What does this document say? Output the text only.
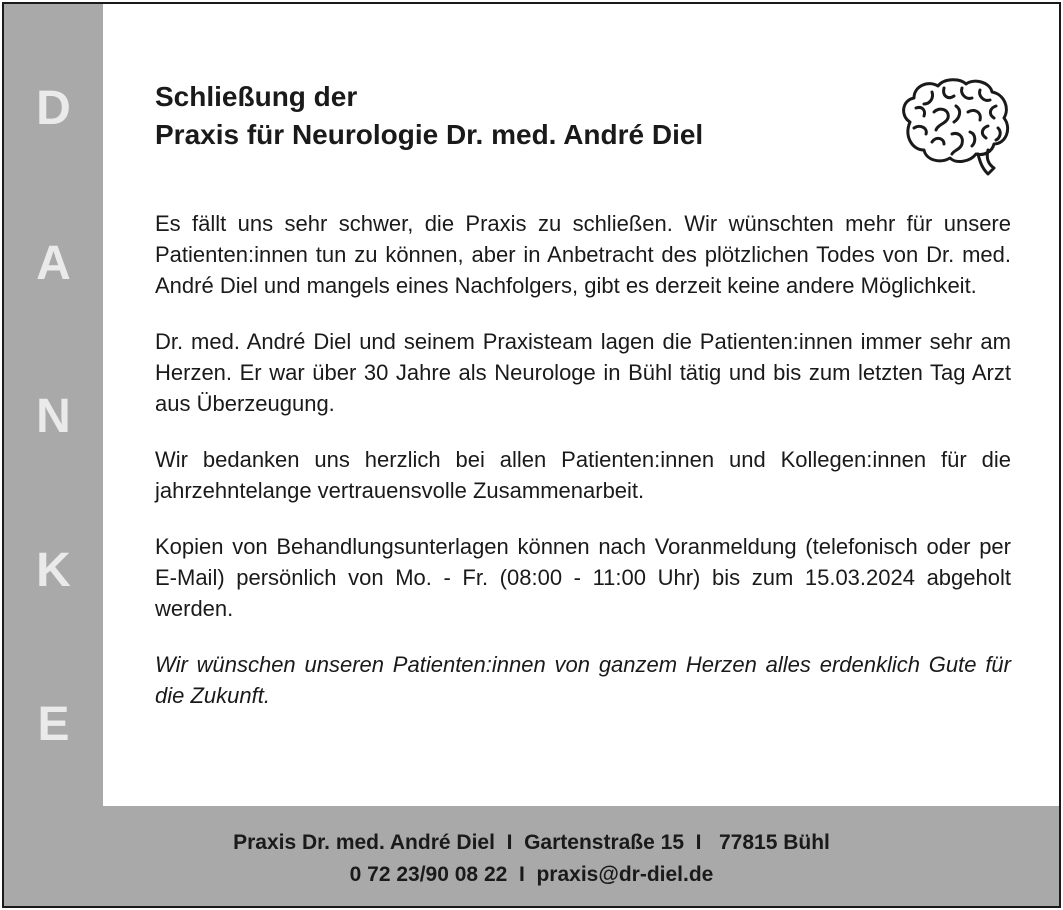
D
A
N
K
E
Schließung der
Praxis für Neurologie Dr. med. André Diel

Es fällt uns sehr schwer, die Praxis zu schließen. Wir wünschten mehr für unsere Patienten:innen tun zu können, aber in Anbetracht des plötzlichen Todes von Dr. med. André Diel und mangels eines Nachfolgers, gibt es derzeit keine andere Möglichkeit.

Dr. med. André Diel und seinem Praxisteam lagen die Patienten:innen immer sehr am Herzen. Er war über 30 Jahre als Neurologe in Bühl tätig und bis zum letzten Tag Arzt aus Überzeugung.

Wir bedanken uns herzlich bei allen Patienten:innen und Kollegen:innen für die jahrzehntelange vertrauensvolle Zusammenarbeit.

Kopien von Behandlungsunterlagen können nach Voranmeldung (telefonisch oder per E-Mail) persönlich von Mo. - Fr. (08:00 - 11:00 Uhr) bis zum 15.03.2024 abgeholt werden.

Wir wünschen unseren Patienten:innen von ganzem Herzen alles erdenklich Gute für die Zukunft.

Praxis Dr. med. André Diel  I  Gartenstraße 15  I   77815 Bühl
0 72 23/90 08 22  I  praxis@dr-diel.de
